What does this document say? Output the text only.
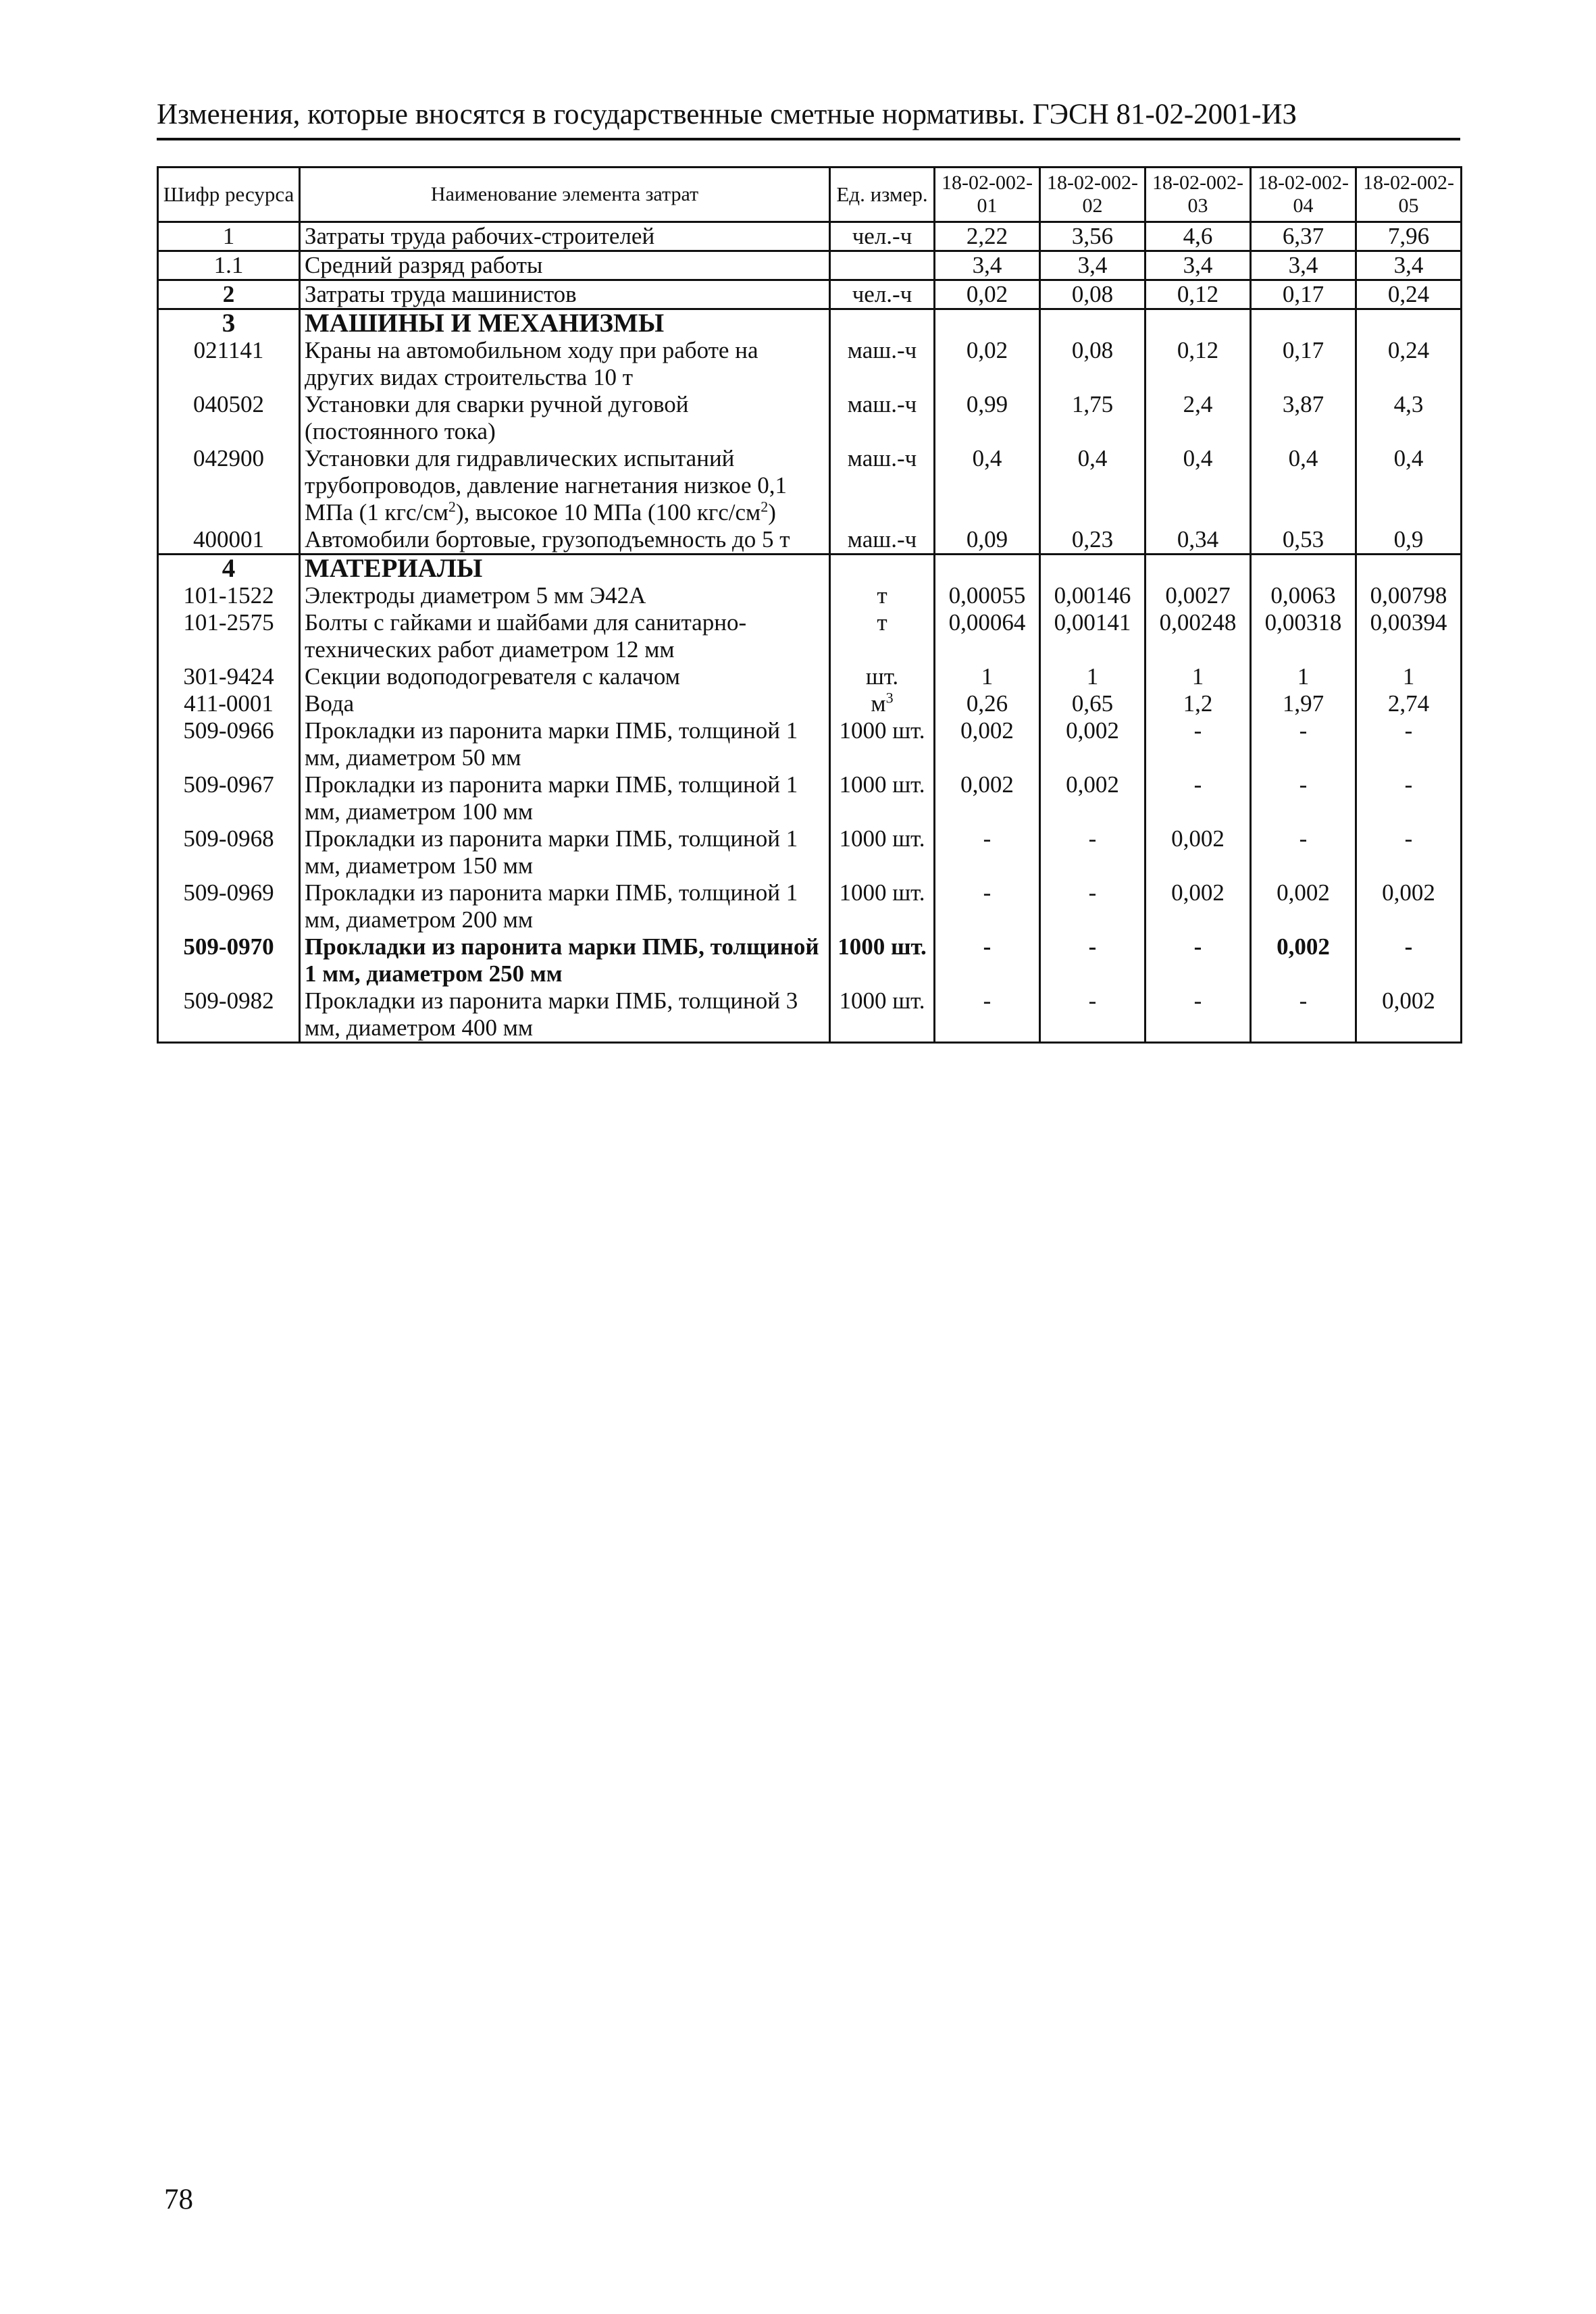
Изменения, которые вносятся в государственные сметные нормативы. ГЭСН 81-02-2001-ИЗ
Шифр ресурса	Наименование элемента затрат	Ед. измер.	18-02-002-01	18-02-002-02	18-02-002-03	18-02-002-04	18-02-002-05
1	Затраты труда рабочих-строителей	чел.-ч	2,22	3,56	4,6	6,37	7,96
1.1	Средний разряд работы		3,4	3,4	3,4	3,4	3,4
2	Затраты труда машинистов	чел.-ч	0,02	0,08	0,12	0,17	0,24
3	МАШИНЫ И МЕХАНИЗМЫ						
021141	Краны на автомобильном ходу при работе на других видах строительства 10 т	маш.-ч	0,02	0,08	0,12	0,17	0,24
040502	Установки для сварки ручной дуговой (постоянного тока)	маш.-ч	0,99	1,75	2,4	3,87	4,3
042900	Установки для гидравлических испытаний трубопроводов, давление нагнетания низкое 0,1 МПа (1 кгс/$см^2$), высокое 10 МПа (100 кгс/$см^2$)	маш.-ч	0,4	0,4	0,4	0,4	0,4
400001	Автомобили бортовые, грузоподъемность до 5 т	маш.-ч	0,09	0,23	0,34	0,53	0,9
4	МАТЕРИАЛЫ						
101-1522	Электроды диаметром 5 мм Э42А	т	0,00055	0,00146	0,0027	0,0063	0,00798
101-2575	Болты с гайками и шайбами для санитарно-технических работ диаметром 12 мм	т	0,00064	0,00141	0,00248	0,00318	0,00394
301-9424	Секции водоподогревателя с калачом	шт.	1	1	1	1	1
411-0001	Вода	$м^3$	0,26	0,65	1,2	1,97	2,74
509-0966	Прокладки из паронита марки ПМБ, толщиной 1 мм, диаметром 50 мм	1000 шт.	0,002	0,002	-	-	-
509-0967	Прокладки из паронита марки ПМБ, толщиной 1 мм, диаметром 100 мм	1000 шт.	0,002	0,002	-	-	-
509-0968	Прокладки из паронита марки ПМБ, толщиной 1 мм, диаметром 150 мм	1000 шт.	-	-	0,002	-	-
509-0969	Прокладки из паронита марки ПМБ, толщиной 1 мм, диаметром 200 мм	1000 шт.	-	-	0,002	0,002	0,002
509-0970	Прокладки из паронита марки ПМБ, толщиной 1 мм, диаметром 250 мм	1000 шт.	-	-	-	0,002	-
509-0982	Прокладки из паронита марки ПМБ, толщиной 3 мм, диаметром 400 мм	1000 шт.	-	-	-	-	0,002
78
